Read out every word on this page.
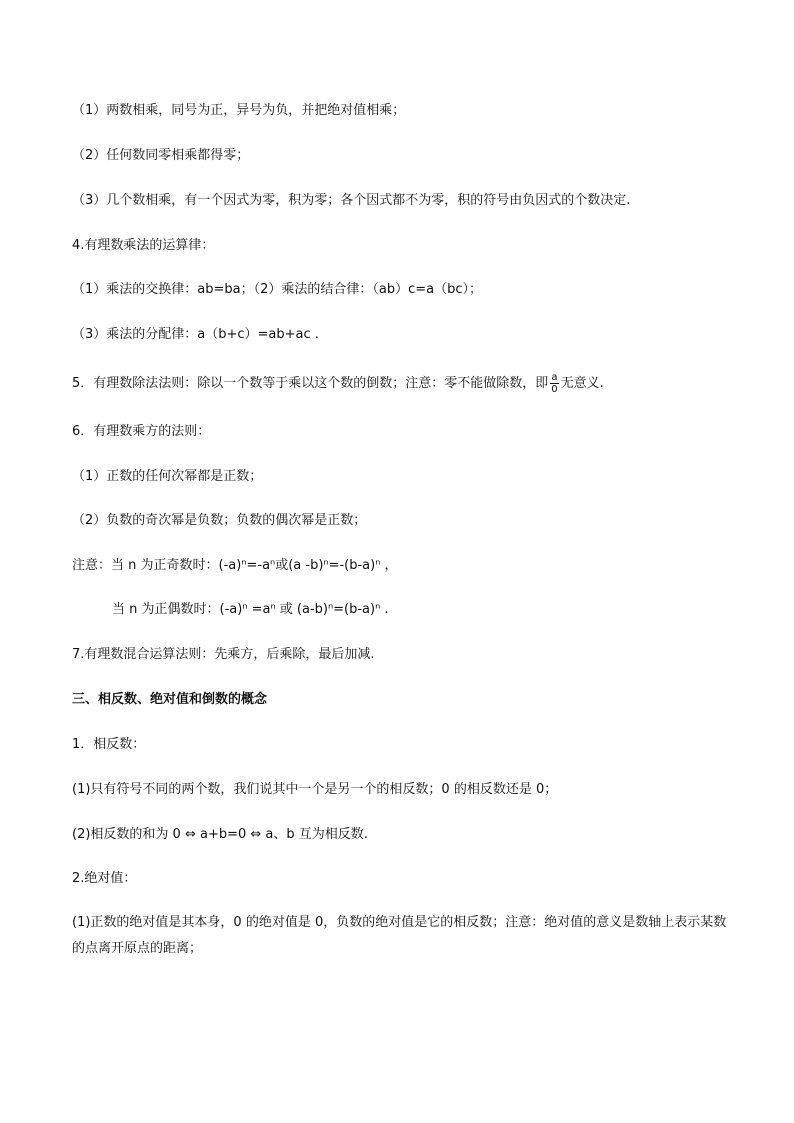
（1）两数相乘，同号为正，异号为负，并把绝对值相乘；
（2）任何数同零相乘都得零；
（3）几个数相乘，有一个因式为零，积为零；各个因式都不为零，积的符号由负因式的个数决定.
4.有理数乘法的运算律：
（1）乘法的交换律：ab=ba；（2）乘法的结合律：（ab）c=a（bc）；
（3）乘法的分配律：a（b+c）=ab+ac .
5．有理数除法法则：除以一个数等于乘以这个数的倒数；注意：零不能做除数，即 $\frac{a}{0}$ 无意义.
6．有理数乘方的法则：
（1）正数的任何次幂都是正数；
（2）负数的奇次幂是负数；负数的偶次幂是正数；
注意：当 n 为正奇数时：(-a)ⁿ=-aⁿ或(a -b)ⁿ=-(b-a)ⁿ ，
当 n 为正偶数时：(-a)ⁿ =aⁿ 或 (a-b)ⁿ=(b-a)ⁿ .
7.有理数混合运算法则：先乘方，后乘除，最后加减.
三、相反数、绝对值和倒数的概念
1．相反数：
(1)只有符号不同的两个数，我们说其中一个是另一个的相反数；0 的相反数还是 0；
(2)相反数的和为 0 ⇔ a+b=0 ⇔ a、b 互为相反数.
2.绝对值：
(1)正数的绝对值是其本身，0 的绝对值是 0，负数的绝对值是它的相反数；注意：绝对值的意义是数轴上表示某数的点离开原点的距离；
